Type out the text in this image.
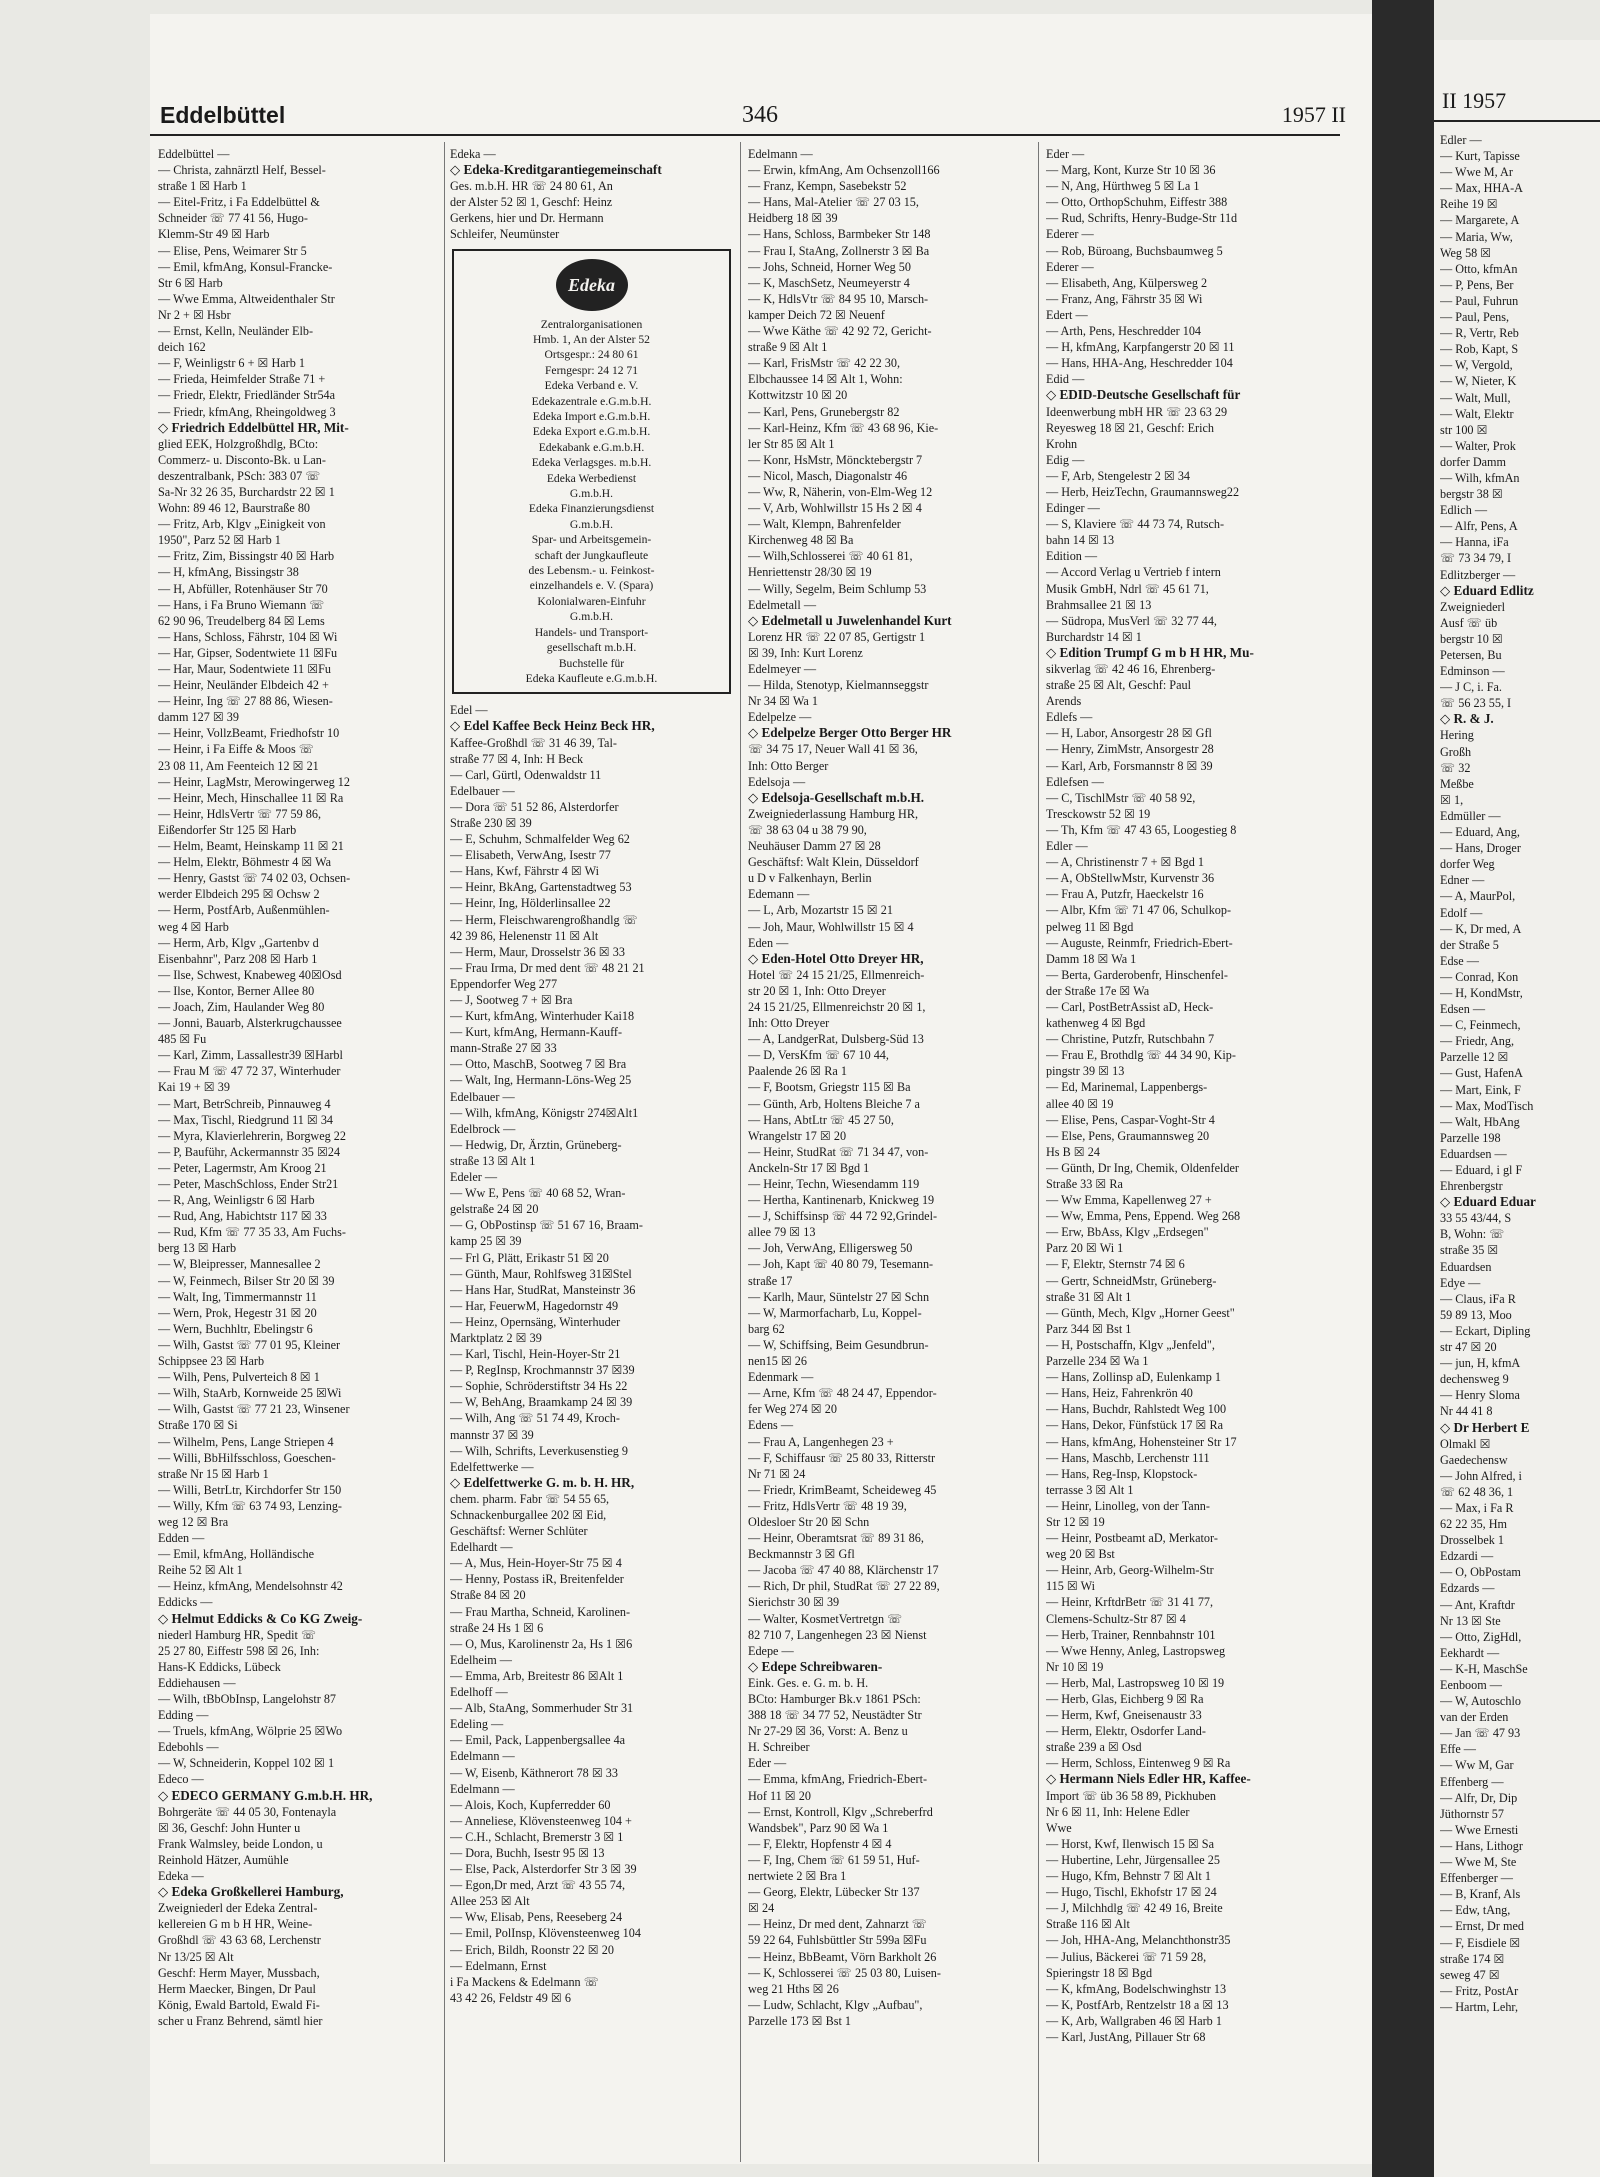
Eddelbüttel	346	1957 II
Eddelbüttel —
— Christa, zahnärztl Helf, Bessel-
straße 1 ☒ Harb 1
— Eitel-Fritz, i Fa Eddelbüttel &
Schneider ☏ 77 41 56, Hugo-
Klemm-Str 49 ☒ Harb
— Elise, Pens, Weimarer Str 5
— Emil, kfmAng, Konsul-Francke-
Str 6 ☒ Harb
— Wwe Emma, Altweidenthaler Str
Nr 2 + ☒ Hsbr
— Ernst, Kelln, Neuländer Elb-
deich 162
— F, Weinligstr 6 + ☒ Harb 1
— Frieda, Heimfelder Straße 71 +
— Friedr, Elektr, Friedländer Str54a
— Friedr, kfmAng, Rheingoldweg 3
◇ Friedrich Eddelbüttel HR, Mit-
glied EEK, Holzgroßhdlg, BCto:
Commerz- u. Disconto-Bk. u Lan-
deszentralbank, PSch: 383 07 ☏
Sa-Nr 32 26 35, Burchardstr 22 ☒ 1
Wohn: 89 46 12, Baurstraße 80
— Fritz, Arb, Klgv „Einigkeit von
1950", Parz 52 ☒ Harb 1
— Fritz, Zim, Bissingstr 40 ☒ Harb
— H, kfmAng, Bissingstr 38
— H, Abfüller, Rotenhäuser Str 70
— Hans, i Fa Bruno Wiemann ☏
62 90 96, Treudelberg 84 ☒ Lems
— Hans, Schloss, Fährstr, 104 ☒ Wi
— Har, Gipser, Sodentwiete 11 ☒Fu
— Har, Maur, Sodentwiete 11 ☒Fu
— Heinr, Neuländer Elbdeich 42 +
— Heinr, Ing ☏ 27 88 86, Wiesen-
damm 127 ☒ 39
— Heinr, VollzBeamt, Friedhofstr 10
— Heinr, i Fa Eiffe & Moos ☏
23 08 11, Am Feenteich 12 ☒ 21
— Heinr, LagMstr, Merowingerweg 12
— Heinr, Mech, Hinschallee 11 ☒ Ra
— Heinr, HdlsVertr ☏ 77 59 86,
Eißendorfer Str 125 ☒ Harb
— Helm, Beamt, Heinskamp 11 ☒ 21
— Helm, Elektr, Böhmestr 4 ☒ Wa
— Henry, Gastst ☏ 74 02 03, Ochsen-
werder Elbdeich 295 ☒ Ochsw 2
— Herm, PostfArb, Außenmühlen-
weg 4 ☒ Harb
— Herm, Arb, Klgv „Gartenbv d
Eisenbahnr", Parz 208 ☒ Harb 1
— Ilse, Schwest, Knabeweg 40☒Osd
— Ilse, Kontor, Berner Allee 80
— Joach, Zim, Haulander Weg 80
— Jonni, Bauarb, Alsterkrugchaussee
485 ☒ Fu
— Karl, Zimm, Lassallestr39 ☒Harbl
— Frau M ☏ 47 72 37, Winterhuder
Kai 19 + ☒ 39
— Mart, BetrSchreib, Pinnauweg 4
— Max, Tischl, Riedgrund 11 ☒ 34
— Myra, Klavierlehrerin, Borgweg 22
— P, Bauführ, Ackermannstr 35 ☒24
— Peter, Lagermstr, Am Kroog 21
— Peter, MaschSchloss, Ender Str21
— R, Ang, Weinligstr 6 ☒ Harb
— Rud, Ang, Habichtstr 117 ☒ 33
— Rud, Kfm ☏ 77 35 33, Am Fuchs-
berg 13 ☒ Harb
— W, Bleipresser, Mannesallee 2
— W, Feinmech, Bilser Str 20 ☒ 39
— Walt, Ing, Timmermannstr 11
— Wern, Prok, Hegestr 31 ☒ 20
— Wern, Buchhltr, Ebelingstr 6
— Wilh, Gastst ☏ 77 01 95, Kleiner
Schippsee 23 ☒ Harb
— Wilh, Pens, Pulverteich 8 ☒ 1
— Wilh, StaArb, Kornweide 25 ☒Wi
— Wilh, Gastst ☏ 77 21 23, Winsener
Straße 170 ☒ Si
— Wilhelm, Pens, Lange Striepen 4
— Willi, BbHilfsschloss, Goeschen-
straße Nr 15 ☒ Harb 1
— Willi, BetrLtr, Kirchdorfer Str 150
— Willy, Kfm ☏ 63 74 93, Lenzing-
weg 12 ☒ Bra
Edden —
— Emil, kfmAng, Holländische
Reihe 52 ☒ Alt 1
— Heinz, kfmAng, Mendelsohnstr 42
Eddicks —
◇ Helmut Eddicks & Co KG Zweig-
niederl Hamburg HR, Spedit ☏
25 27 80, Eiffestr 598 ☒ 26, Inh:
Hans-K Eddicks, Lübeck
Eddiehausen —
— Wilh, tBbObInsp, Langelohstr 87
Edding —
— Truels, kfmAng, Wölprie 25 ☒Wo
Edebohls —
— W, Schneiderin, Koppel 102 ☒ 1
Edeco —
◇ EDECO GERMANY G.m.b.H. HR,
Bohrgeräte ☏ 44 05 30, Fontenayla
☒ 36, Geschf: John Hunter u
Frank Walmsley, beide London, u
Reinhold Hätzer, Aumühle
Edeka —
◇ Edeka Großkellerei Hamburg,
Zweigniederl der Edeka Zentral-
kellereien G m b H HR, Weine-
Großhdl ☏ 43 63 68, Lerchenstr
Nr 13/25 ☒ Alt
Geschf: Herm Mayer, Mussbach,
Herm Maecker, Bingen, Dr Paul
König, Ewald Bartold, Ewald Fi-
scher u Franz Behrend, sämtl hier
Edeka —
◇ Edeka-Kreditgarantiegemeinschaft
Ges. m.b.H. HR ☏ 24 80 61, An
der Alster 52 ☒ 1, Geschf: Heinz
Gerkens, hier und Dr. Hermann
Schleifer, Neumünster
Edeka
Zentralorganisationen
Hmb. 1, An der Alster 52
Ortsgespr.: 24 80 61
Ferngespr: 24 12 71
Edeka Verband e. V.
Edekazentrale e.G.m.b.H.
Edeka Import e.G.m.b.H.
Edeka Export e.G.m.b.H.
Edekabank e.G.m.b.H.
Edeka Verlagsges. m.b.H.
Edeka Werbedienst
G.m.b.H.
Edeka Finanzierungsdienst
G.m.b.H.
Spar- und Arbeitsgemein-
schaft der Jungkaufleute
des Lebensm.- u. Feinkost-
einzelhandels e. V. (Spara)
Kolonialwaren-Einfuhr
G.m.b.H.
Handels- und Transport-
gesellschaft m.b.H.
Buchstelle für
Edeka Kaufleute e.G.m.b.H.
Edel —
◇ Edel Kaffee Beck Heinz Beck HR,
Kaffee-Großhdl ☏ 31 46 39, Tal-
straße 77 ☒ 4, Inh: H Beck
— Carl, Gürtl, Odenwaldstr 11
Edelbauer —
— Dora ☏ 51 52 86, Alsterdorfer
Straße 230 ☒ 39
— E, Schuhm, Schmalfelder Weg 62
— Elisabeth, VerwAng, Isestr 77
— Hans, Kwf, Fährstr 4 ☒ Wi
— Heinr, BkAng, Gartenstadtweg 53
— Heinr, Ing, Hölderlinsallee 22
— Herm, Fleischwarengroßhandlg ☏
42 39 86, Helenenstr 11 ☒ Alt
— Herm, Maur, Drosselstr 36 ☒ 33
— Frau Irma, Dr med dent ☏ 48 21 21
Eppendorfer Weg 277
— J, Sootweg 7 + ☒ Bra
— Kurt, kfmAng, Winterhuder Kai18
— Kurt, kfmAng, Hermann-Kauff-
mann-Straße 27 ☒ 33
— Otto, MaschB, Sootweg 7 ☒ Bra
— Walt, Ing, Hermann-Löns-Weg 25
Edelbauer —
— Wilh, kfmAng, Königstr 274☒Alt1
Edelbrock —
— Hedwig, Dr, Ärztin, Grüneberg-
straße 13 ☒ Alt 1
Edeler —
— Ww E, Pens ☏ 40 68 52, Wran-
gelstraße 24 ☒ 20
— G, ObPostinsp ☏ 51 67 16, Braam-
kamp 25 ☒ 39
— Frl G, Plätt, Erikastr 51 ☒ 20
— Günth, Maur, Rohlfsweg 31☒Stel
— Hans Har, StudRat, Mansteinstr 36
— Har, FeuerwM, Hagedornstr 49
— Heinz, Opernsäng, Winterhuder
Marktplatz 2 ☒ 39
— Karl, Tischl, Hein-Hoyer-Str 21
— P, RegInsp, Krochmannstr 37 ☒39
— Sophie, Schröderstiftstr 34 Hs 22
— W, BehAng, Braamkamp 24 ☒ 39
— Wilh, Ang ☏ 51 74 49, Kroch-
mannstr 37 ☒ 39
— Wilh, Schrifts, Leverkusenstieg 9
Edelfettwerke —
◇ Edelfettwerke G. m. b. H. HR,
chem. pharm. Fabr ☏ 54 55 65,
Schnackenburgallee 202 ☒ Eid,
Geschäftsf: Werner Schlüter
Edelhardt —
— A, Mus, Hein-Hoyer-Str 75 ☒ 4
— Henny, Postass iR, Breitenfelder
Straße 84 ☒ 20
— Frau Martha, Schneid, Karolinen-
straße 24 Hs 1 ☒ 6
— O, Mus, Karolinenstr 2a, Hs 1 ☒6
Edelheim —
— Emma, Arb, Breitestr 86 ☒Alt 1
Edelhoff —
— Alb, StaAng, Sommerhuder Str 31
Edeling —
— Emil, Pack, Lappenbergsallee 4a
Edelmann —
— W, Eisenb, Käthnerort 78 ☒ 33
Edelmann —
— Alois, Koch, Kupferredder 60
— Anneliese, Klövensteenweg 104 +
— C.H., Schlacht, Bremerstr 3 ☒ 1
— Dora, Buchh, Isestr 95 ☒ 13
— Else, Pack, Alsterdorfer Str 3 ☒ 39
— Egon,Dr med, Arzt ☏ 43 55 74,
Allee 253 ☒ Alt
— Ww, Elisab, Pens, Reeseberg 24
— Emil, PolInsp, Klövensteenweg 104
— Erich, Bildh, Roonstr 22 ☒ 20
— Edelmann, Ernst
i Fa Mackens & Edelmann ☏
43 42 26, Feldstr 49 ☒ 6
Edelmann —
— Erwin, kfmAng, Am Ochsenzoll166
— Franz, Kempn, Sasebekstr 52
— Hans, Mal-Atelier ☏ 27 03 15,
Heidberg 18 ☒ 39
— Hans, Schloss, Barmbeker Str 148
— Frau I, StaAng, Zollnerstr 3 ☒ Ba
— Johs, Schneid, Horner Weg 50
— K, MaschSetz, Neumeyerstr 4
— K, HdlsVtr ☏ 84 95 10, Marsch-
kamper Deich 72 ☒ Neuenf
— Wwe Käthe ☏ 42 92 72, Gericht-
straße 9 ☒ Alt 1
— Karl, FrisMstr ☏ 42 22 30,
Elbchaussee 14 ☒ Alt 1, Wohn:
Kottwitzstr 10 ☒ 20
— Karl, Pens, Grunebergstr 82
— Karl-Heinz, Kfm ☏ 43 68 96, Kie-
ler Str 85 ☒ Alt 1
— Konr, HsMstr, Möncktebergstr 7
— Nicol, Masch, Diagonalstr 46
— Ww, R, Näherin, von-Elm-Weg 12
— V, Arb, Wohlwillstr 15 Hs 2 ☒ 4
— Walt, Klempn, Bahrenfelder
Kirchenweg 48 ☒ Ba
— Wilh,Schlosserei ☏ 40 61 81,
Henriettenstr 28/30 ☒ 19
— Willy, Segelm, Beim Schlump 53
Edelmetall —
◇ Edelmetall u Juwelenhandel Kurt
Lorenz HR ☏ 22 07 85, Gertigstr 1
☒ 39, Inh: Kurt Lorenz
Edelmeyer —
— Hilda, Stenotyp, Kielmannseggstr
Nr 34 ☒ Wa 1
Edelpelze —
◇ Edelpelze Berger Otto Berger HR
☏ 34 75 17, Neuer Wall 41 ☒ 36,
Inh: Otto Berger
Edelsoja —
◇ Edelsoja-Gesellschaft m.b.H.
Zweigniederlassung Hamburg HR,
☏ 38 63 04 u 38 79 90,
Neuhäuser Damm 27 ☒ 28
Geschäftsf: Walt Klein, Düsseldorf
u D v Falkenhayn, Berlin
Edemann —
— L, Arb, Mozartstr 15 ☒ 21
— Joh, Maur, Wohlwillstr 15 ☒ 4
Eden —
◇ Eden-Hotel Otto Dreyer HR,
Hotel ☏ 24 15 21/25, Ellmenreich-
str 20 ☒ 1, Inh: Otto Dreyer
24 15 21/25, Ellmenreichstr 20 ☒ 1,
Inh: Otto Dreyer
— A, LandgerRat, Dulsberg-Süd 13
— D, VersKfm ☏ 67 10 44,
Paalende 26 ☒ Ra 1
— F, Bootsm, Griegstr 115 ☒ Ba
— Günth, Arb, Holtens Bleiche 7 a
— Hans, AbtLtr ☏ 45 27 50,
Wrangelstr 17 ☒ 20
— Heinr, StudRat ☏ 71 34 47, von-
Anckeln-Str 17 ☒ Bgd 1
— Heinr, Techn, Wiesendamm 119
— Hertha, Kantinenarb, Knickweg 19
— J, Schiffsinsp ☏ 44 72 92,Grindel-
allee 79 ☒ 13
— Joh, VerwAng, Elligersweg 50
— Joh, Kapt ☏ 40 80 79, Tesemann-
straße 17
— Karlh, Maur, Süntelstr 27 ☒ Schn
— W, Marmorfacharb, Lu, Koppel-
barg 62
— W, Schiffsing, Beim Gesundbrun-
nen15 ☒ 26
Edenmark —
— Arne, Kfm ☏ 48 24 47, Eppendor-
fer Weg 274 ☒ 20
Edens —
— Frau A, Langenhegen 23 +
— F, Schiffausr ☏ 25 80 33, Ritterstr
Nr 71 ☒ 24
— Friedr, KrimBeamt, Scheideweg 45
— Fritz, HdlsVertr ☏ 48 19 39,
Oldesloer Str 20 ☒ Schn
— Heinr, Oberamtsrat ☏ 89 31 86,
Beckmannstr 3 ☒ Gfl
— Jacoba ☏ 47 40 88, Klärchenstr 17
— Rich, Dr phil, StudRat ☏ 27 22 89,
Sierichstr 30 ☒ 39
— Walter, KosmetVertretgn ☏
82 710 7, Langenhegen 23 ☒ Nienst
Edepe —
◇ Edepe Schreibwaren-
Eink. Ges. e. G. m. b. H.
BCto: Hamburger Bk.v 1861 PSch:
388 18 ☏ 34 77 52, Neustädter Str
Nr 27-29 ☒ 36, Vorst: A. Benz u
H. Schreiber
Eder —
— Emma, kfmAng, Friedrich-Ebert-
Hof 11 ☒ 20
— Ernst, Kontroll, Klgv „Schreberfrd
Wandsbek", Parz 90 ☒ Wa 1
— F, Elektr, Hopfenstr 4 ☒ 4
— F, Ing, Chem ☏ 61 59 51, Huf-
nertwiete 2 ☒ Bra 1
— Georg, Elektr, Lübecker Str 137
☒ 24
— Heinz, Dr med dent, Zahnarzt ☏
59 22 64, Fuhlsbüttler Str 599a ☒Fu
— Heinz, BbBeamt, Vörn Barkholt 26
— K, Schlosserei ☏ 25 03 80, Luisen-
weg 21 Hths ☒ 26
— Ludw, Schlacht, Klgv „Aufbau",
Parzelle 173 ☒ Bst 1
Eder —
— Marg, Kont, Kurze Str 10 ☒ 36
— N, Ang, Hürthweg 5 ☒ La 1
— Otto, OrthopSchuhm, Eiffestr 388
— Rud, Schrifts, Henry-Budge-Str 11d
Ederer —
— Rob, Büroang, Buchsbaumweg 5
Ederer —
— Elisabeth, Ang, Külpersweg 2
— Franz, Ang, Fährstr 35 ☒ Wi
Edert —
— Arth, Pens, Heschredder 104
— H, kfmAng, Karpfangerstr 20 ☒ 11
— Hans, HHA-Ang, Heschredder 104
Edid —
◇ EDID-Deutsche Gesellschaft für
Ideenwerbung mbH HR ☏ 23 63 29
Reyesweg 18 ☒ 21, Geschf: Erich
Krohn
Edig —
— F, Arb, Stengelestr 2 ☒ 34
— Herb, HeizTechn, Graumannsweg22
Edinger —
— S, Klaviere ☏ 44 73 74, Rutsch-
bahn 14 ☒ 13
Edition —
— Accord Verlag u Vertrieb f intern
Musik GmbH, Ndrl ☏ 45 61 71,
Brahmsallee 21 ☒ 13
— Südropa, MusVerl ☏ 32 77 44,
Burchardstr 14 ☒ 1
◇ Edition Trumpf G m b H HR, Mu-
sikverlag ☏ 42 46 16, Ehrenberg-
straße 25 ☒ Alt, Geschf: Paul
Arends
Edlefs —
— H, Labor, Ansorgestr 28 ☒ Gfl
— Henry, ZimMstr, Ansorgestr 28
— Karl, Arb, Forsmannstr 8 ☒ 39
Edlefsen —
— C, TischlMstr ☏ 40 58 92,
Tresckowstr 52 ☒ 19
— Th, Kfm ☏ 47 43 65, Loogestieg 8
Edler —
— A, Christinenstr 7 + ☒ Bgd 1
— A, ObStellwMstr, Kurvenstr 36
— Frau A, Putzfr, Haeckelstr 16
— Albr, Kfm ☏ 71 47 06, Schulkop-
pelweg 11 ☒ Bgd
— Auguste, Reinmfr, Friedrich-Ebert-
Damm 18 ☒ Wa 1
— Berta, Garderobenfr, Hinschenfel-
der Straße 17e ☒ Wa
— Carl, PostBetrAssist aD, Heck-
kathenweg 4 ☒ Bgd
— Christine, Putzfr, Rutschbahn 7
— Frau E, Brothdlg ☏ 44 34 90, Kip-
pingstr 39 ☒ 13
— Ed, Marinemal, Lappenbergs-
allee 40 ☒ 19
— Elise, Pens, Caspar-Voght-Str 4
— Else, Pens, Graumannsweg 20
Hs B ☒ 24
— Günth, Dr Ing, Chemik, Oldenfelder
Straße 33 ☒ Ra
— Ww Emma, Kapellenweg 27 +
— Ww, Emma, Pens, Eppend. Weg 268
— Erw, BbAss, Klgv „Erdsegen"
Parz 20 ☒ Wi 1
— F, Elektr, Sternstr 74 ☒ 6
— Gertr, SchneidMstr, Grüneberg-
straße 31 ☒ Alt 1
— Günth, Mech, Klgv „Horner Geest"
Parz 344 ☒ Bst 1
— H, Postschaffn, Klgv „Jenfeld",
Parzelle 234 ☒ Wa 1
— Hans, Zollinsp aD, Eulenkamp 1
— Hans, Heiz, Fahrenkrön 40
— Hans, Buchdr, Rahlstedt Weg 100
— Hans, Dekor, Fünfstück 17 ☒ Ra
— Hans, kfmAng, Hohensteiner Str 17
— Hans, Maschb, Lerchenstr 111
— Hans, Reg-Insp, Klopstock-
terrasse 3 ☒ Alt 1
— Heinr, Linolleg, von der Tann-
Str 12 ☒ 19
— Heinr, Postbeamt aD, Merkator-
weg 20 ☒ Bst
— Heinr, Arb, Georg-Wilhelm-Str
115 ☒ Wi
— Heinr, KrftdrBetr ☏ 31 41 77,
Clemens-Schultz-Str 87 ☒ 4
— Herb, Trainer, Rennbahnstr 101
— Wwe Henny, Anleg, Lastropsweg
Nr 10 ☒ 19
— Herb, Mal, Lastropsweg 10 ☒ 19
— Herb, Glas, Eichberg 9 ☒ Ra
— Herm, Kwf, Gneisenaustr 33
— Herm, Elektr, Osdorfer Land-
straße 239 a ☒ Osd
— Herm, Schloss, Eintenweg 9 ☒ Ra
◇ Hermann Niels Edler HR, Kaffee-
Import ☏ üb 36 58 89, Pickhuben
Nr 6 ☒ 11, Inh: Helene Edler
Wwe
— Horst, Kwf, Ilenwisch 15 ☒ Sa
— Hubertine, Lehr, Jürgensallee 25
— Hugo, Kfm, Behnstr 7 ☒ Alt 1
— Hugo, Tischl, Ekhofstr 17 ☒ 24
— J, Milchhdlg ☏ 42 49 16, Breite
Straße 116 ☒ Alt
— Joh, HHA-Ang, Melanchthonstr35
— Julius, Bäckerei ☏ 71 59 28,
Spieringstr 18 ☒ Bgd
— K, kfmAng, Bodelschwinghstr 13
— K, PostfArb, Rentzelstr 18 a ☒ 13
— K, Arb, Wallgraben 46 ☒ Harb 1
— Karl, JustAng, Pillauer Str 68
II 1957
Edler —
— Kurt, Tapisse
— Wwe M, Ar
— Max, HHA-A
Reihe 19 ☒
— Margarete, A
— Maria, Ww,
Weg 58 ☒
— Otto, kfmAn
— P, Pens, Ber
— Paul, Fuhrun
— Paul, Pens,
— R, Vertr, Reb
— Rob, Kapt, S
— W, Vergold,
— W, Nieter, K
— Walt, Mull,
— Walt, Elektr
str 100 ☒
— Walter, Prok
dorfer Damm
— Wilh, kfmAn
bergstr 38 ☒
Edlich —
— Alfr, Pens, A
— Hanna, iFa
☏ 73 34 79, I
Edlitzberger —
◇ Eduard Edlitz
Zweigniederl
Ausf ☏ üb
bergstr 10 ☒
Petersen, Bu
Edminson —
— J C, i. Fa.
☏ 56 23 55, I
◇ R. & J.
Hering
Großh
☏ 32
Meßbe
☒ 1,
Edmüller —
— Eduard, Ang,
— Hans, Droger
dorfer Weg
Edner —
— A, MaurPol,
Edolf —
— K, Dr med, A
der Straße 5
Edse —
— Conrad, Kon
— H, KondMstr,
Edsen —
— C, Feinmech,
— Friedr, Ang,
Parzelle 12 ☒
— Gust, HafenA
— Mart, Eink, F
— Max, ModTisch
— Walt, HbAng
Parzelle 198
Eduardsen —
— Eduard, i gl F
Ehrenbergstr
◇ Eduard Eduar
33 55 43/44, S
B, Wohn: ☏
straße 35 ☒
Eduardsen
Edye —
— Claus, iFa R
59 89 13, Moo
— Eckart, Dipling
str 47 ☒ 20
— jun, H, kfmA
dechensweg 9
— Henry Sloma
Nr 44 41 8
◇ Dr Herbert E
Olmakl ☒
Gaedechensw
— John Alfred, i
☏ 62 48 36, 1
— Max, i Fa R
62 22 35, Hm
Drosselbek 1
Edzardi —
— O, ObPostam
Edzards —
— Ant, Kraftdr
Nr 13 ☒ Ste
— Otto, ZigHdl,
Eekhardt —
— K-H, MaschSe
Eenboom —
— W, Autoschlo
van der Erden
— Jan ☏ 47 93
Effe —
— Ww M, Gar
Effenberg —
— Alfr, Dr, Dip
Jüthornstr 57
— Wwe Ernesti
— Hans, Lithogr
— Wwe M, Ste
Effenberger —
— B, Kranf, Als
— Edw, tAng,
— Ernst, Dr med
— F, Eisdiele ☒
straße 174 ☒
seweg 47 ☒
— Fritz, PostAr
— Hartm, Lehr,
